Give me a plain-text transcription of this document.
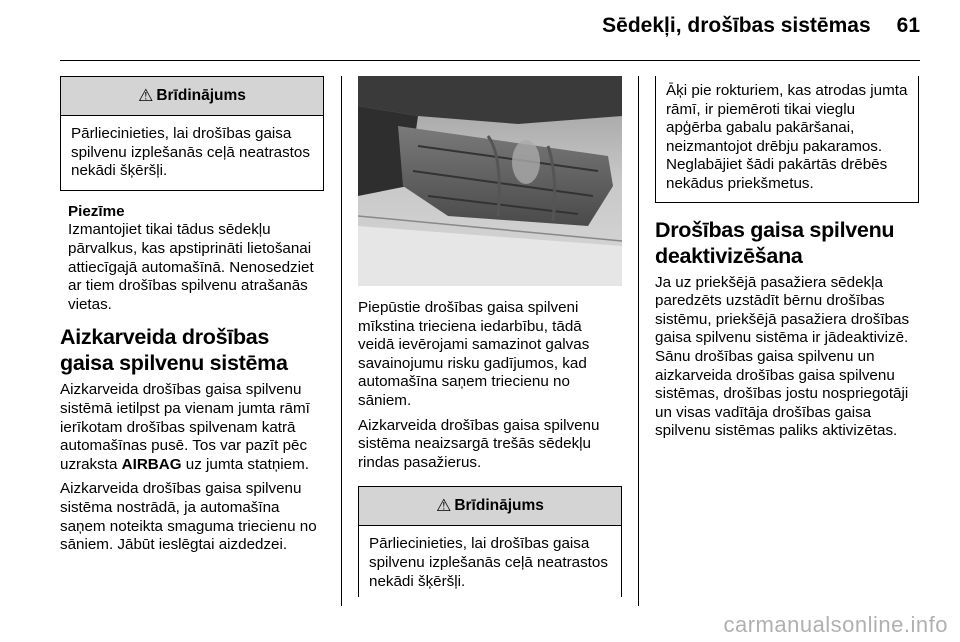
Sēdekļi, drošības sistēmas 61
⚠ Brīdinājums

Pārliecinieties, lai drošības gaisa spilvenu izplešanās ceļā neatrastos nekādi šķēršļi.

Piezīme

Izmantojiet tikai tādus sēdekļu pārvalkus, kas apstiprināti lietošanai attiecīgajā automašīnā. Nenosedziet ar tiem drošības spilvenu atrašanās vietas.

Aizkarveida drošības gaisa spilvenu sistēma

Aizkarveida drošības gaisa spilvenu sistēmā ietilpst pa vienam jumta rāmī ierīkotam drošības spilvenam katrā automašīnas pusē. Tos var pazīt pēc uzraksta AIRBAG uz jumta statņiem.

Aizkarveida drošības gaisa spilvenu sistēma nostrādā, ja automašīna saņem noteikta smaguma triecienu no sāniem. Jābūt ieslēgtai aizdedzei.

Piepūstie drošības gaisa spilveni mīkstina trieciena iedarbību, tādā veidā ievērojami samazinot galvas savainojumu risku gadījumos, kad automašīna saņem triecienu no sāniem.

Aizkarveida drošības gaisa spilvenu sistēma neaizsargā trešās sēdekļu rindas pasažierus.

⚠ Brīdinājums

Pārliecinieties, lai drošības gaisa spilvenu izplešanās ceļā neatrastos nekādi šķēršļi.

Āķi pie rokturiem, kas atrodas jumta rāmī, ir piemēroti tikai vieglu apģērba gabalu pakāršanai, neizmantojot drēbju pakaramos. Neglabājiet šādi pakārtās drēbēs nekādus priekšmetus.

Drošības gaisa spilvenu deaktivizēšana

Ja uz priekšējā pasažiera sēdekļa paredzēts uzstādīt bērnu drošības sistēmu, priekšējā pasažiera drošības gaisa spilvenu sistēma ir jādeaktivizē. Sānu drošības gaisa spilvenu un aizkarveida drošības gaisa spilvenu sistēmas, drošības jostu nospriegotāji un visas vadītāja drošības gaisa spilvenu sistēmas paliks aktivizētas.

carmanualsonline.info
